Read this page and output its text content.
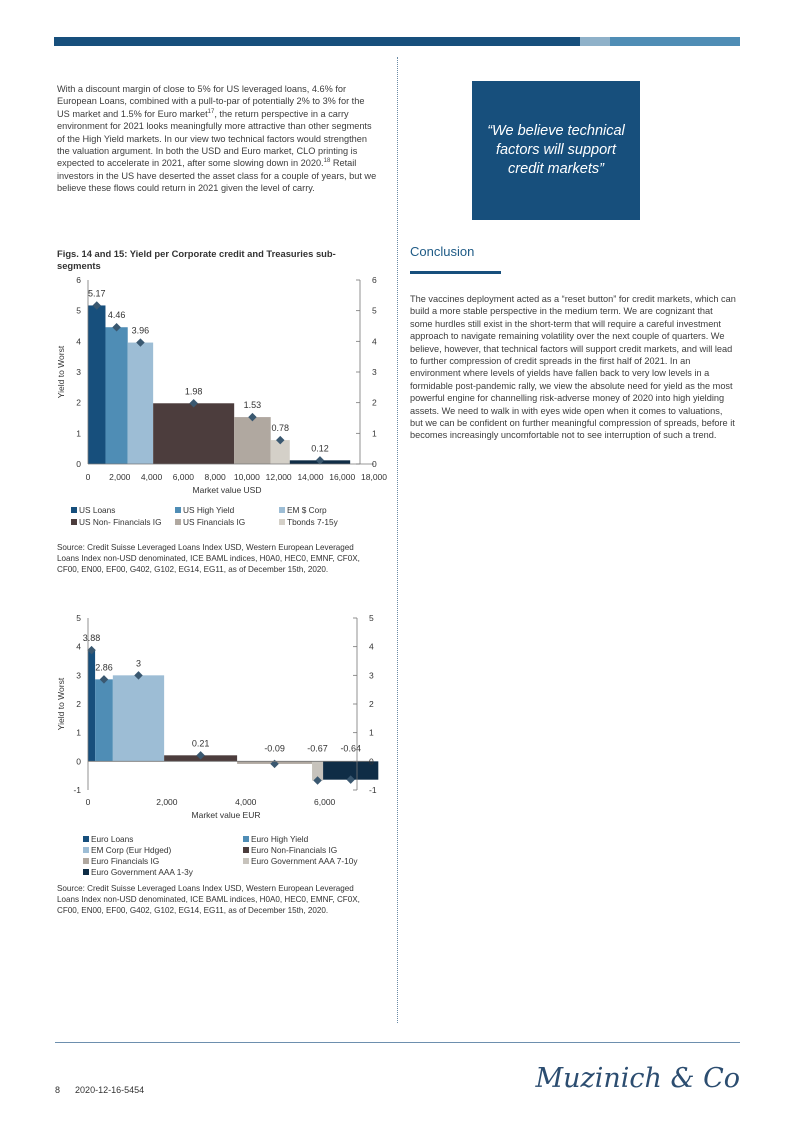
With a discount margin of close to 5% for US leveraged loans, 4.6% for European Loans, combined with a pull-to-par of potentially 2% to 3% for the US market and 1.5% for Euro market$^{17}$, the return perspective in a carry environment for 2021 looks meaningfully more attractive than other segments of the High Yield markets. In our view two technical factors would strengthen the valuation argument. In both the USD and Euro market, CLO printing is expected to accelerate in 2021, after some slowing down in 2020.18 Retail investors in the US have deserted the asset class for a couple of years, but we believe these flows could return in 2021 given the level of carry.
Figs. 14 and 15: Yield per Corporate credit and Treasuries sub-segments
5.17
4.46
3.96
1.98
1.53
0.78
0.12
0	0
1	1
2	2
3	3
4	4
5	5
6	6
0 2,000 4,000 6,000 8,000 10,000 12,000 14,000 16,000 18,000
Market value USD
Yield to Worst
US Loans	US High Yield	EM $ Corp
US Non- Financials IG	US Financials IG	Tbonds 7-15y
Source: Credit Suisse Leveraged Loans Index USD, Western European Leveraged Loans Index non-USD denominated, ICE BAML indices, H0A0, HEC0, EMNF, CF0X, CF00, EN00, EF00, G402, G102, EG14, EG11, as of December 15th, 2020.
3.88
2.86	3
0.21
-0.09 -0.67 -0.64
-1	-1
0	0
1	1
2	2
3	3
4	4
5	5
0	2,000	4,000	6,000
Market value EUR
Yield to Worst
Euro Loans	Euro High Yield
EM Corp (Eur Hdged)	Euro Non-Financials IG
Euro Financials IG	Euro Government AAA 7-10y
Euro Government AAA 1-3y
Source: Credit Suisse Leveraged Loans Index USD, Western European Leveraged Loans Index non-USD denominated, ICE BAML indices, H0A0, HEC0, EMNF, CF0X, CF00, EN00, EF00, G402, G102, EG14, EG11, as of December 15th, 2020.
“We believe technical factors will support credit markets”
Conclusion
The vaccines deployment acted as a “reset button” for credit markets, which can build a more stable perspective in the medium term. We are cognizant that some hurdles still exist in the short-term that will require a careful investment approach to navigate remaining volatility over the next couple of quarters. We believe, however, that technical factors will support credit markets, and will lead to further compression of credit spreads in the first half of 2021. In an environment where levels of yields have fallen back to very low levels in a formidable post-pandemic rally, we view the absolute need for yield as the most powerful engine for channelling risk-adverse money of 2020 into high yielding assets. We need to walk in with eyes wide open when it comes to valuations, but we can be confident on further meaningful compression of spreads, before it becomes increasingly uncomfortable not to see interruption of such a trend.
8 2020-12-16-5454	Muzinich & Co
